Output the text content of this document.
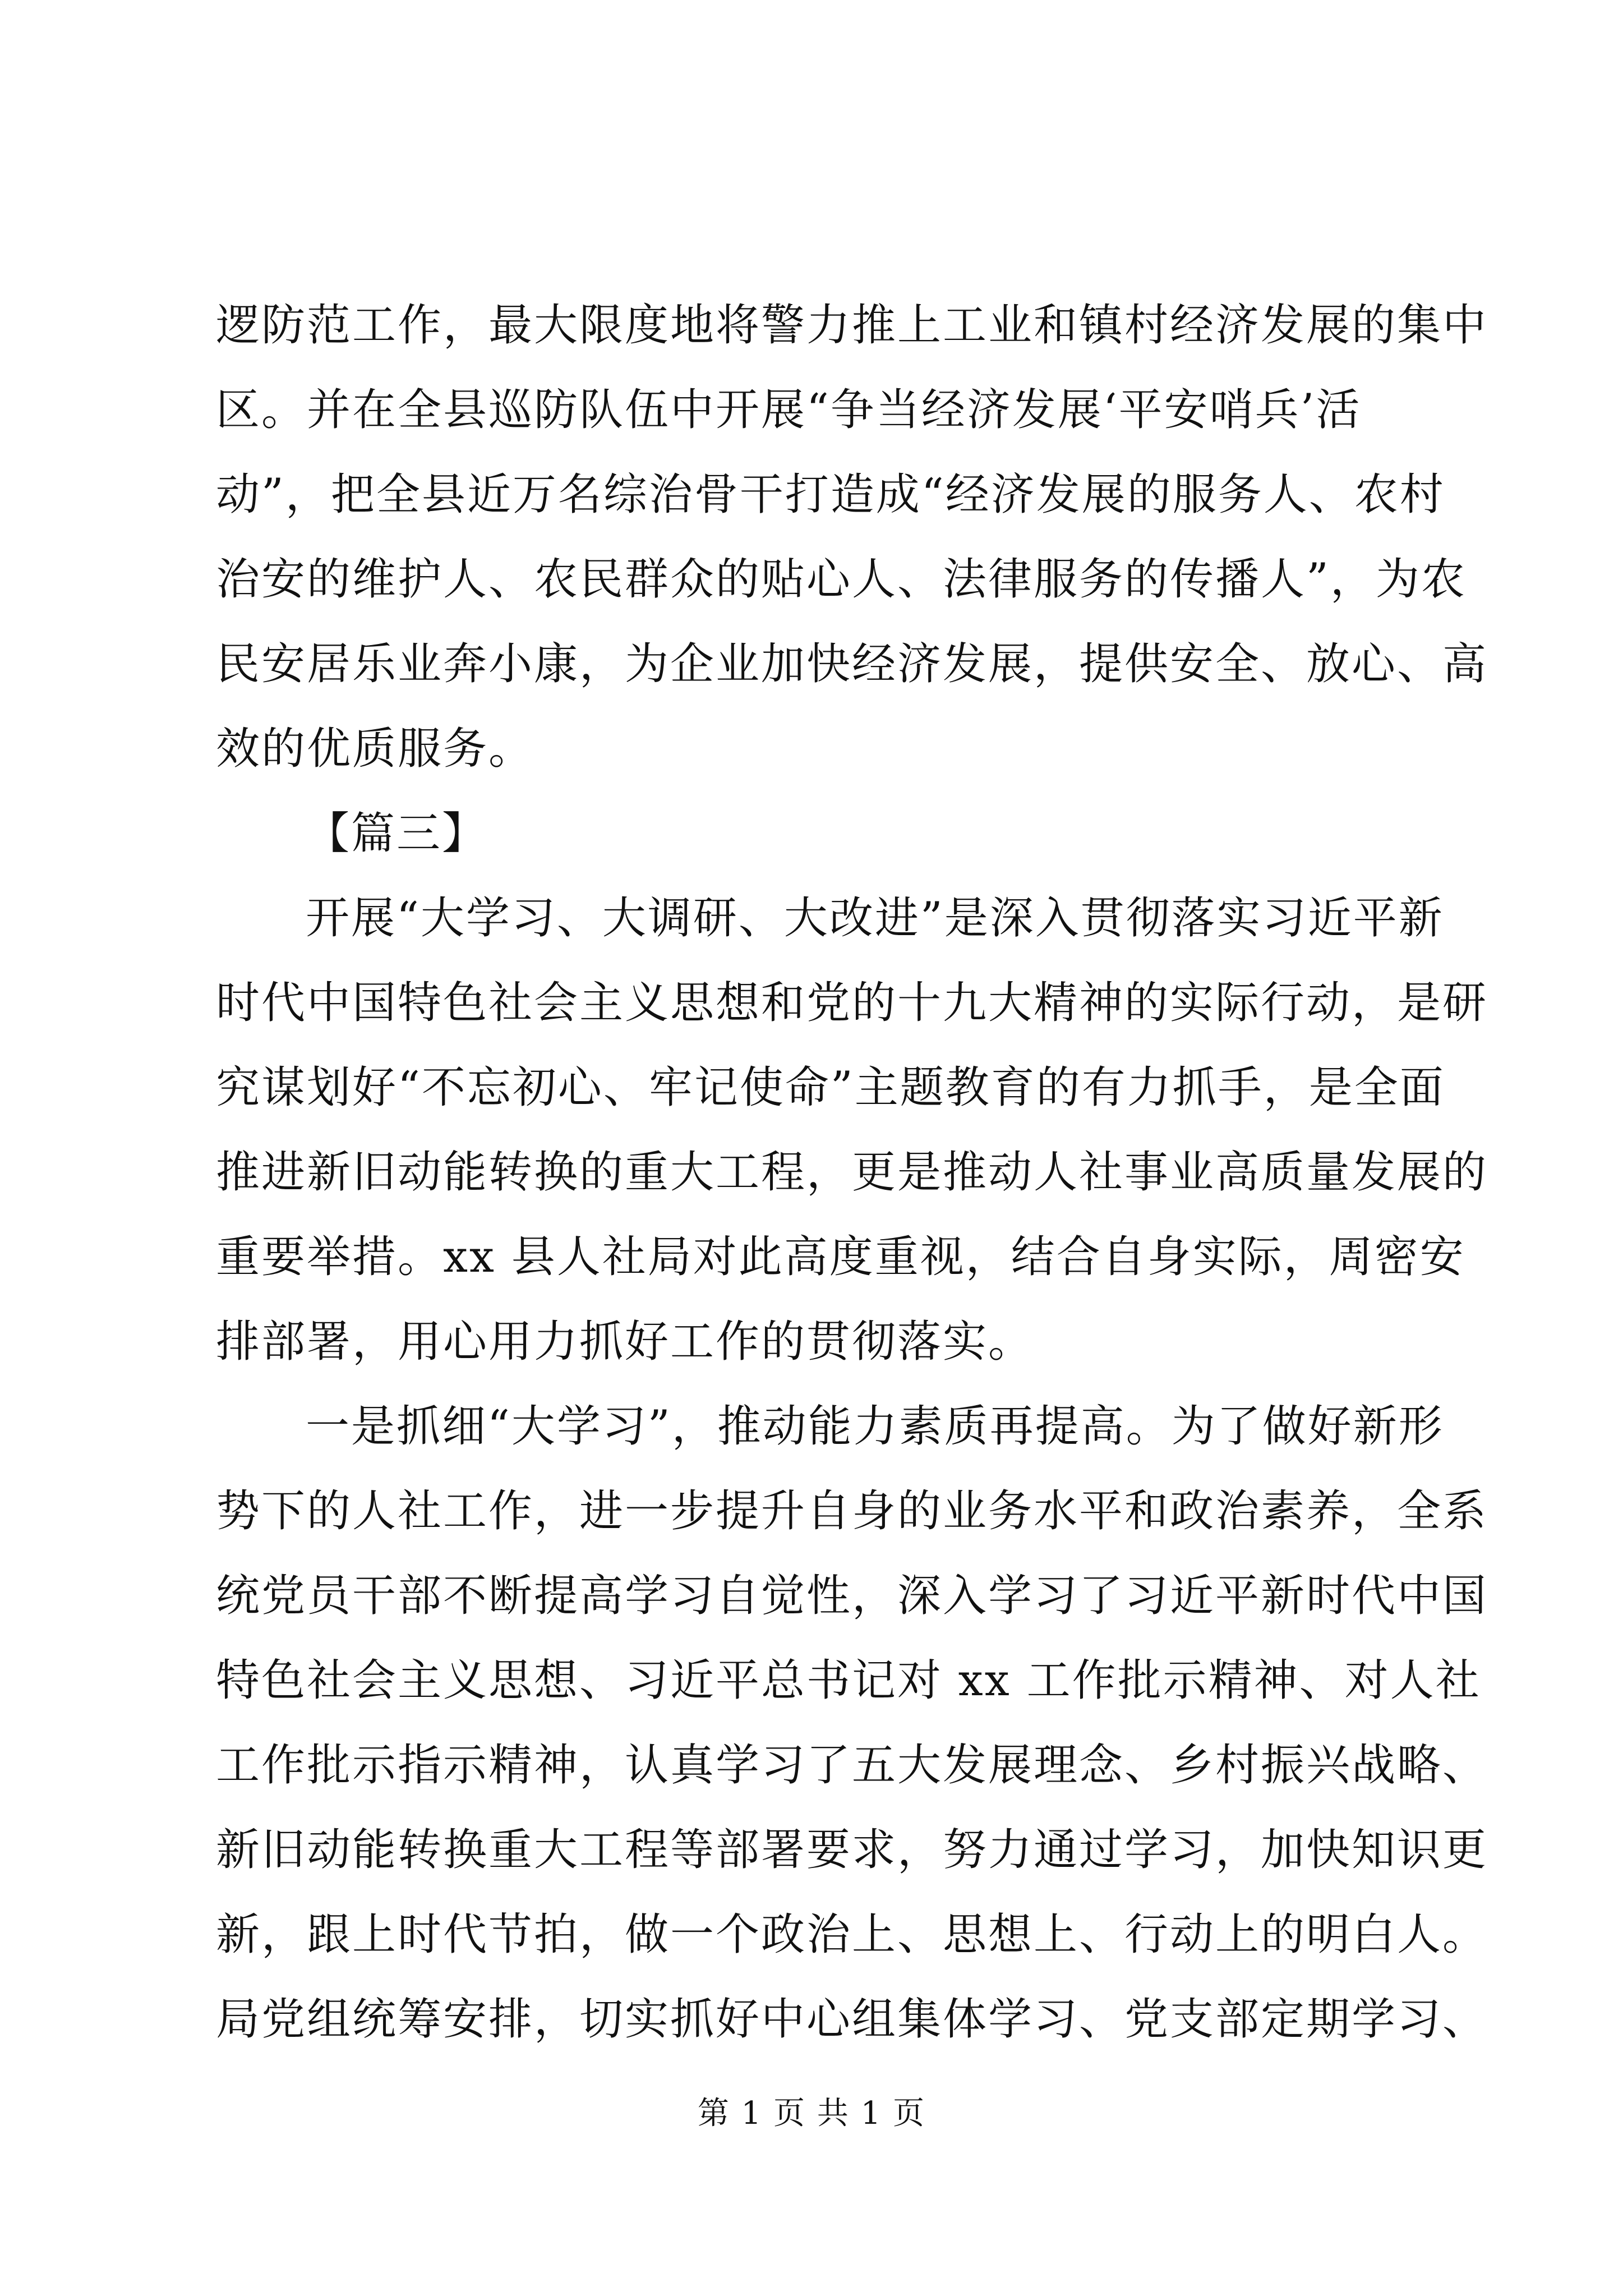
逻防范工作，最大限度地将警力推上工业和镇村经济发展的集中
区。并在全县巡防队伍中开展“争当经济发展‘平安哨兵’活
动”，把全县近万名综治骨干打造成“经济发展的服务人、农村
治安的维护人、农民群众的贴心人、法律服务的传播人”，为农
民安居乐业奔小康，为企业加快经济发展，提供安全、放心、高
效的优质服务。
【篇三】
开展“大学习、大调研、大改进”是深入贯彻落实习近平新
时代中国特色社会主义思想和党的十九大精神的实际行动，是研
究谋划好“不忘初心、牢记使命”主题教育的有力抓手，是全面
推进新旧动能转换的重大工程，更是推动人社事业高质量发展的
重要举措。xx 县人社局对此高度重视，结合自身实际，周密安
排部署，用心用力抓好工作的贯彻落实。
一是抓细“大学习”，推动能力素质再提高。为了做好新形
势下的人社工作，进一步提升自身的业务水平和政治素养，全系
统党员干部不断提高学习自觉性，深入学习了习近平新时代中国
特色社会主义思想、习近平总书记对 xx 工作批示精神、对人社
工作批示指示精神，认真学习了五大发展理念、乡村振兴战略、
新旧动能转换重大工程等部署要求，努力通过学习，加快知识更
新，跟上时代节拍，做一个政治上、思想上、行动上的明白人。
局党组统筹安排，切实抓好中心组集体学习、党支部定期学习、
第 1 页 共 1 页
